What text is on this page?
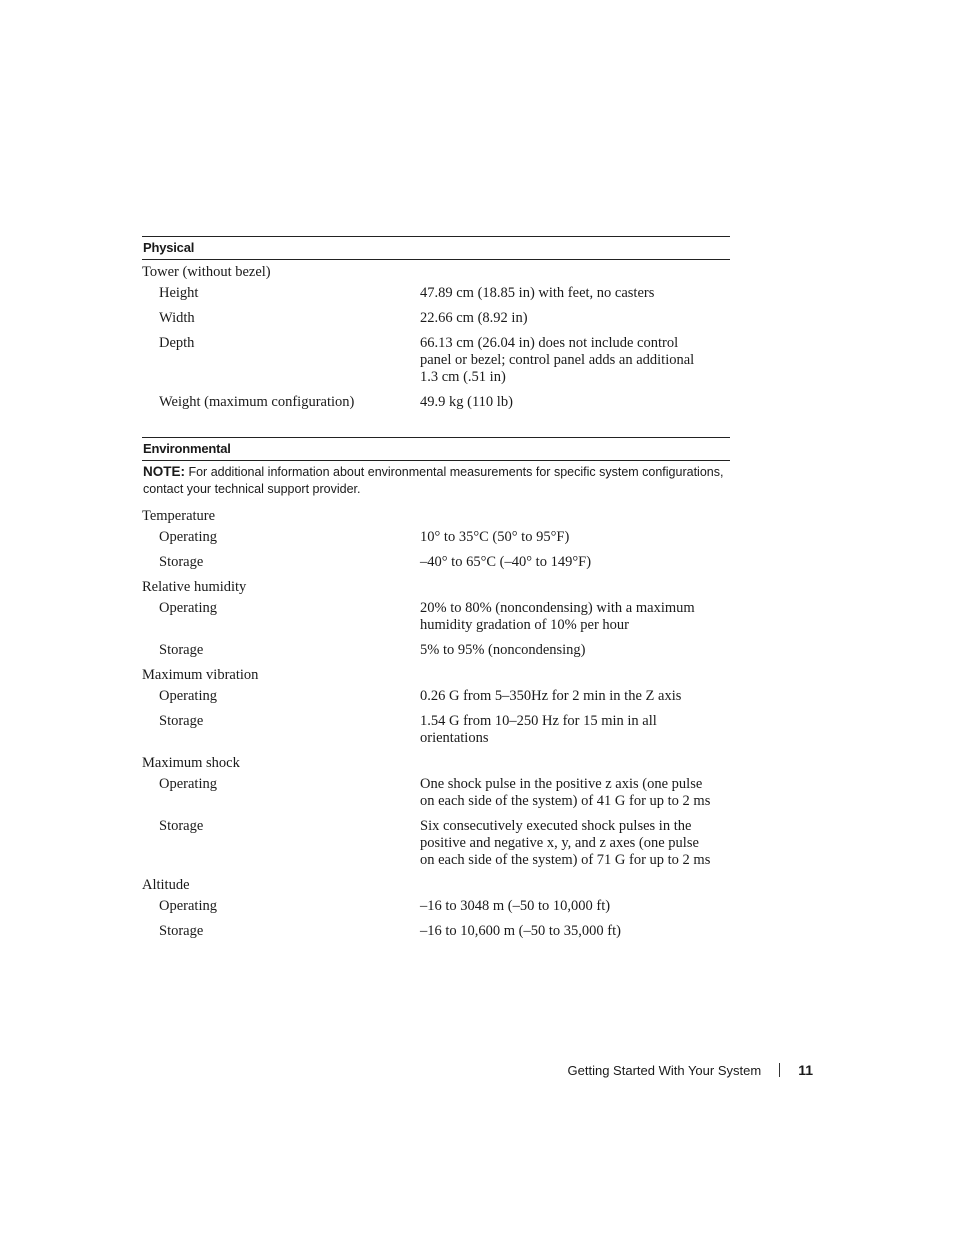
Physical
Tower (without bezel)
Height	47.89 cm (18.85 in) with feet, no casters
Width	22.66 cm (8.92 in)
Depth	66.13 cm (26.04 in) does not include control panel or bezel; control panel adds an additional 1.3 cm (.51 in)
Weight (maximum configuration)	49.9 kg (110 lb)
Environmental
NOTE: For additional information about environmental measurements for specific system configurations, contact your technical support provider.
Temperature
Operating	10° to 35°C (50° to 95°F)
Storage	–40° to 65°C (–40° to 149°F)
Relative humidity
Operating	20% to 80% (noncondensing) with a maximum humidity gradation of 10% per hour
Storage	5% to 95% (noncondensing)
Maximum vibration
Operating	0.26 G from 5–350Hz for 2 min in the Z axis
Storage	1.54 G from 10–250 Hz for 15 min in all orientations
Maximum shock
Operating	One shock pulse in the positive z axis (one pulse on each side of the system) of 41 G for up to 2 ms
Storage	Six consecutively executed shock pulses in the positive and negative x, y, and z axes (one pulse on each side of the system) of 71 G for up to 2 ms
Altitude
Operating	–16 to 3048 m (–50 to 10,000 ft)
Storage	–16 to 10,600 m (–50 to 35,000 ft)
Getting Started With Your System	11
